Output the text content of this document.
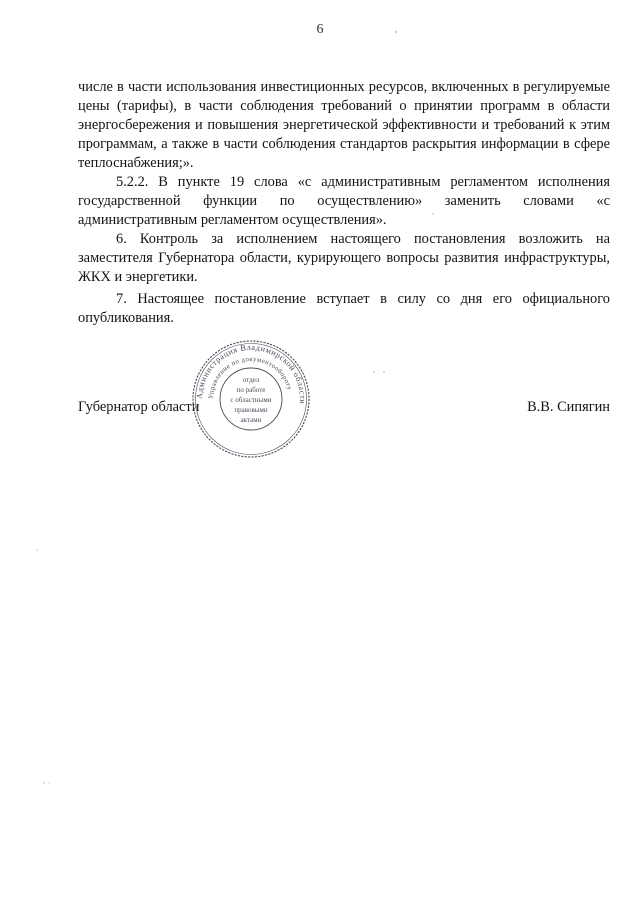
6

числе в части использования инвестиционных ресурсов, включенных в регулируемые цены (тарифы), в части соблюдения требований о принятии программ в области энергосбережения и повышения энергетической эффективности и требований к этим программам, а также в части соблюдения стандартов раскрытия информации в сфере теплоснабжения;».

5.2.2. В пункте 19 слова «с административным регламентом исполнения государственной функции по осуществлению» заменить словами «с административным регламентом осуществления».

6. Контроль за исполнением настоящего постановления возложить на заместителя Губернатора области, курирующего вопросы развития инфраструктуры, ЖКХ и энергетики.

7. Настоящее постановление вступает в силу со дня его официального опубликования.

Губернатор области	В.В. Сипягин
Администрация Владимирской области
Управление по документообороту
отдел
по работе
с областными
правовыми
актами
